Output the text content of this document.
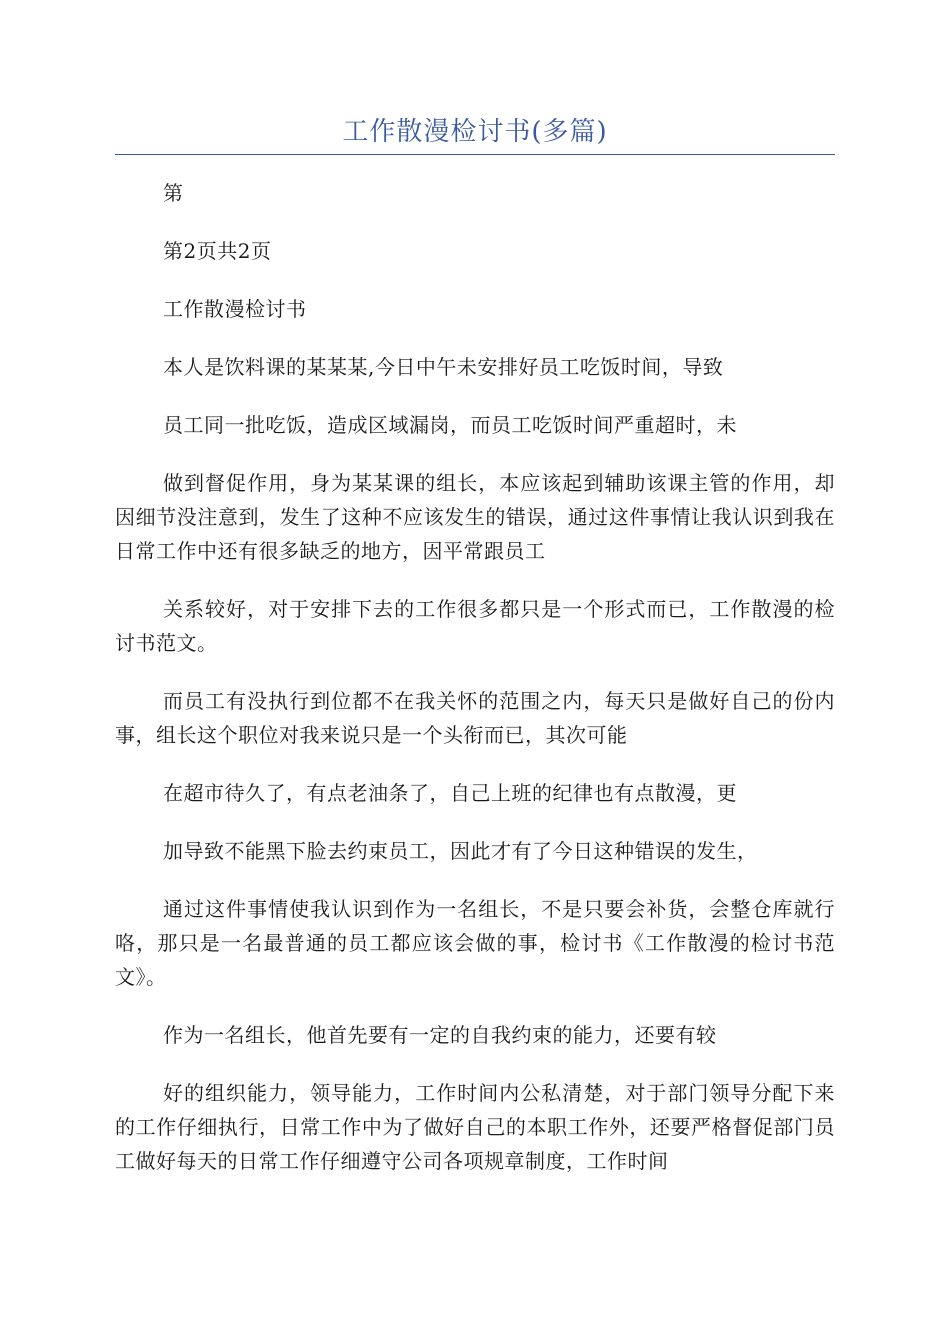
工作散漫检讨书(多篇)

第

第2页共2页

工作散漫检讨书

本人是饮料课的某某某,今日中午未安排好员工吃饭时间，导致

员工同一批吃饭，造成区域漏岗，而员工吃饭时间严重超时，未

做到督促作用，身为某某课的组长，本应该起到辅助该课主管的作用，却因细节没注意到，发生了这种不应该发生的错误，通过这件事情让我认识到我在日常工作中还有很多缺乏的地方，因平常跟员工

关系较好，对于安排下去的工作很多都只是一个形式而已，工作散漫的检讨书范文。

而员工有没执行到位都不在我关怀的范围之内，每天只是做好自己的份内事，组长这个职位对我来说只是一个头衔而已，其次可能

在超市待久了，有点老油条了，自己上班的纪律也有点散漫，更

加导致不能黑下脸去约束员工，因此才有了今日这种错误的发生，

通过这件事情使我认识到作为一名组长，不是只要会补货，会整仓库就行咯，那只是一名最普通的员工都应该会做的事，检讨书《工作散漫的检讨书范文》。

作为一名组长，他首先要有一定的自我约束的能力，还要有较

好的组织能力，领导能力，工作时间内公私清楚，对于部门领导分配下来的工作仔细执行，日常工作中为了做好自己的本职工作外，还要严格督促部门员工做好每天的日常工作仔细遵守公司各项规章制度，工作时间
